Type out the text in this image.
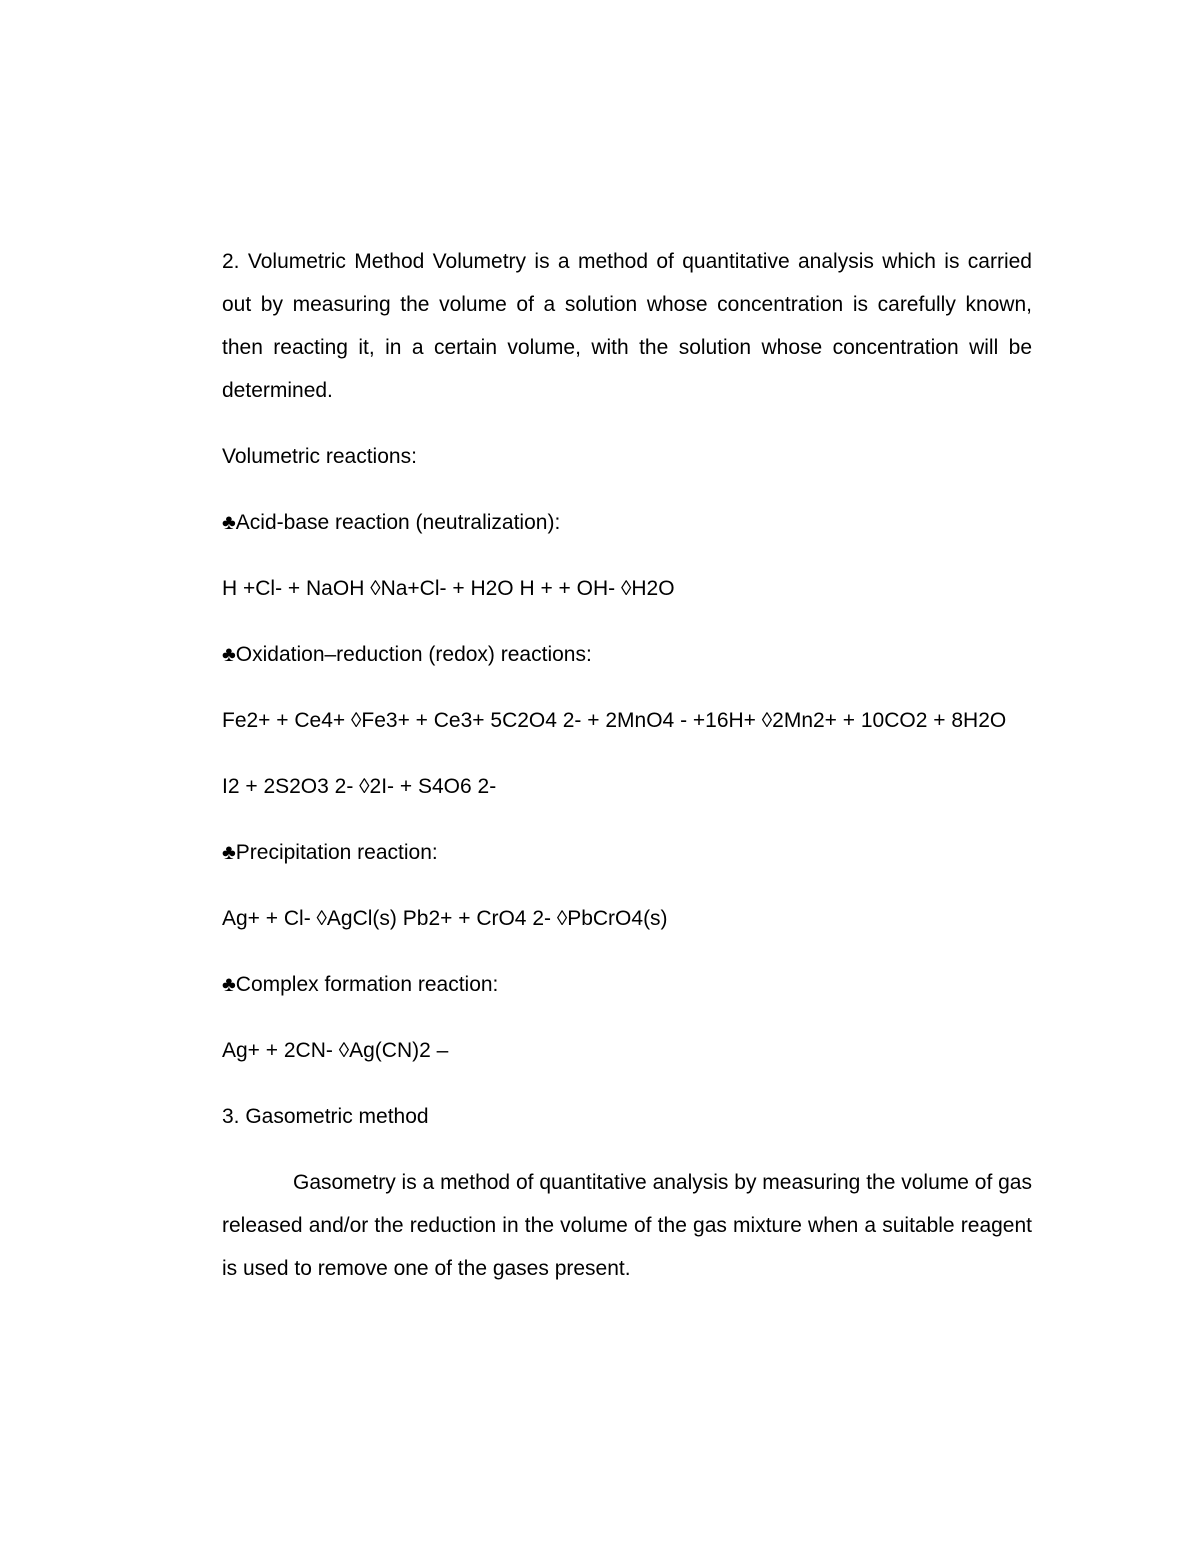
2. Volumetric Method Volumetry is a method of quantitative analysis which is carried out by measuring the volume of a solution whose concentration is carefully known, then reacting it, in a certain volume, with the solution whose concentration will be determined.

Volumetric reactions:

♣Acid-base reaction (neutralization):

H +Cl- + NaOH ◊Na+Cl- + H2O H + + OH- ◊H2O

♣Oxidation–reduction (redox) reactions:

Fe2+ + Ce4+ ◊Fe3+ + Ce3+ 5C2O4 2- + 2MnO4 - +16H+ ◊2Mn2+ + 10CO2 + 8H2O

I2 + 2S2O3 2- ◊2I- + S4O6 2-

♣Precipitation reaction:

Ag+ + Cl- ◊AgCl(s) Pb2+ + CrO4 2- ◊PbCrO4(s)

♣Complex formation reaction:

Ag+ + 2CN- ◊Ag(CN)2 –

3. Gasometric method

Gasometry is a method of quantitative analysis by measuring the volume of gas released and/or the reduction in the volume of the gas mixture when a suitable reagent is used to remove one of the gases present.
